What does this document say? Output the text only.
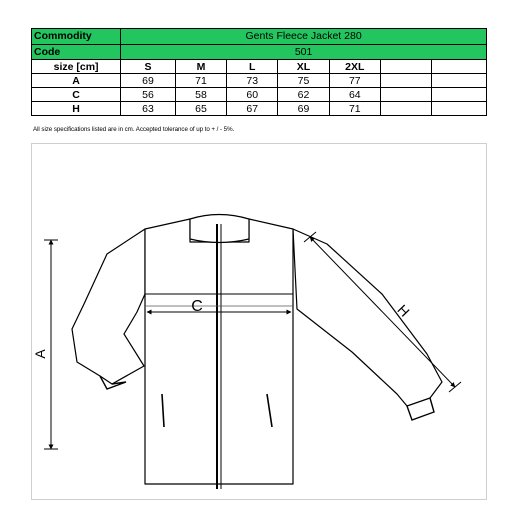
Commodity	Gents Fleece Jacket 280						
Code	501						
size [cm]	S	M	L	XL	2XL		
A	69	71	73	75	77		
C	56	58	60	62	64		
H	63	65	67	69	71		
All size specifications listed are in cm. Accepted tolerance of up to + / - 5%.
A
C	H
